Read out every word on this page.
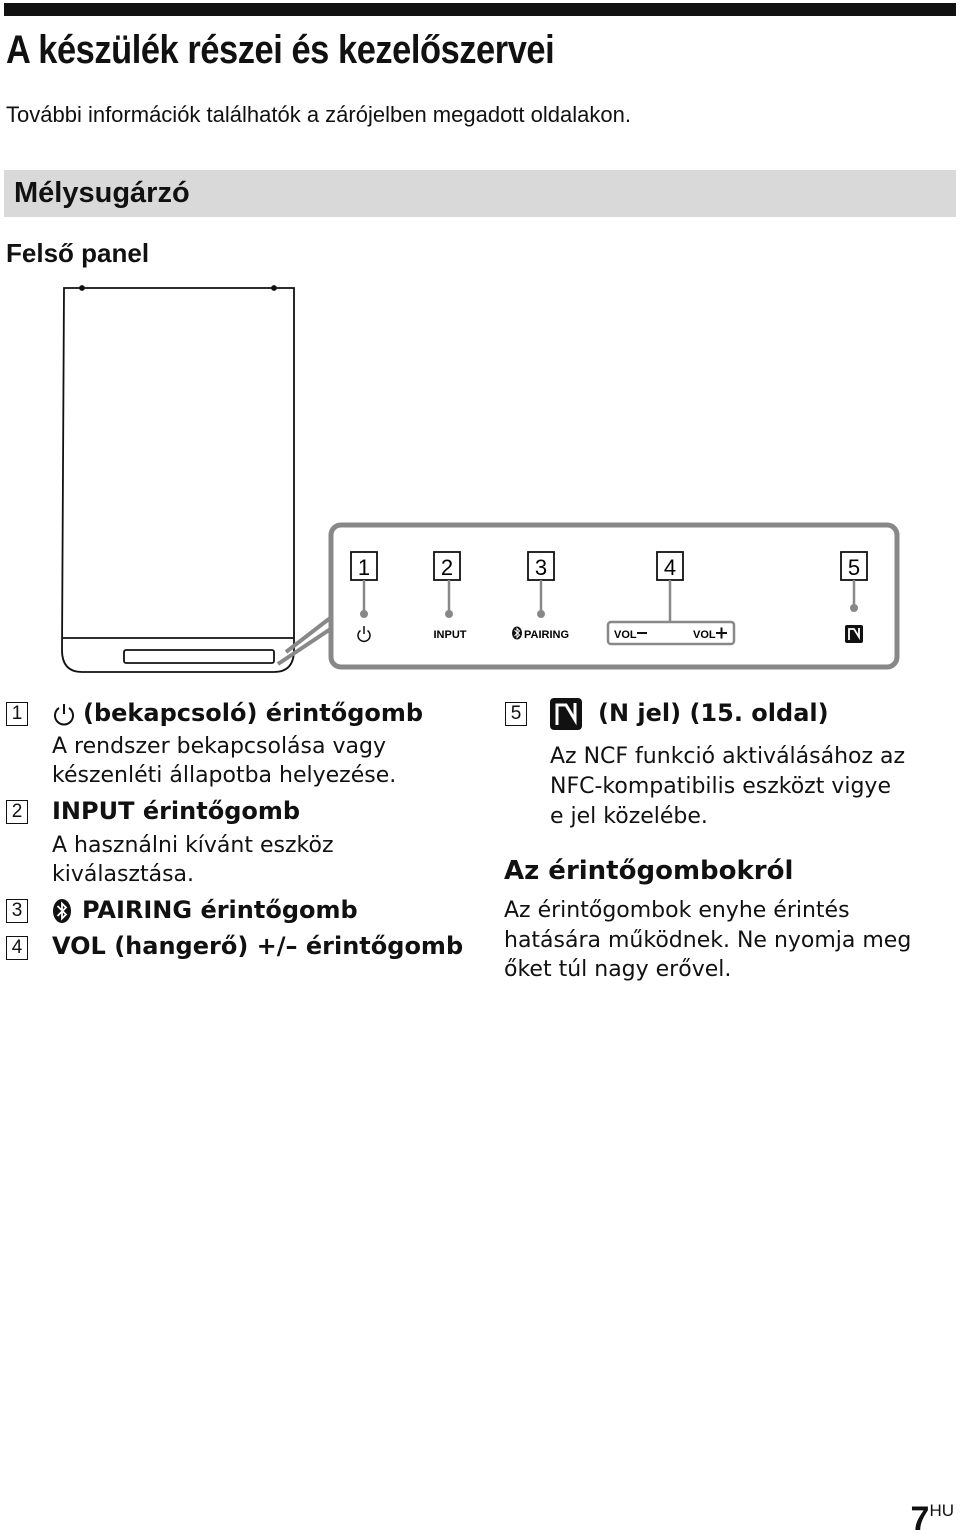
A készülék részei és kezelőszervei
További információk találhatók a zárójelben megadott oldalakon.
Mélysugárzó
Felső panel
1	2
INPUT
3
PAIRING
4
VOL	VOL
5
1	(bekapcsoló) érintőgomb
A rendszer bekapcsolása vagy
készenléti állapotba helyezése.
2 INPUT érintőgomb
A használni kívánt eszköz
kiválasztása.
3 PAIRING érintőgomb
4 VOL (hangerő) +/– érintőgomb
5	(N jel) (15. oldal)
Az NCF funkció aktiválásához az
NFC-kompatibilis eszközt vigye
e jel közelébe.
Az érintőgombokról
Az érintőgombok enyhe érintés
hatására működnek. Ne nyomja meg
őket túl nagy erővel.
$7^{HU}$
